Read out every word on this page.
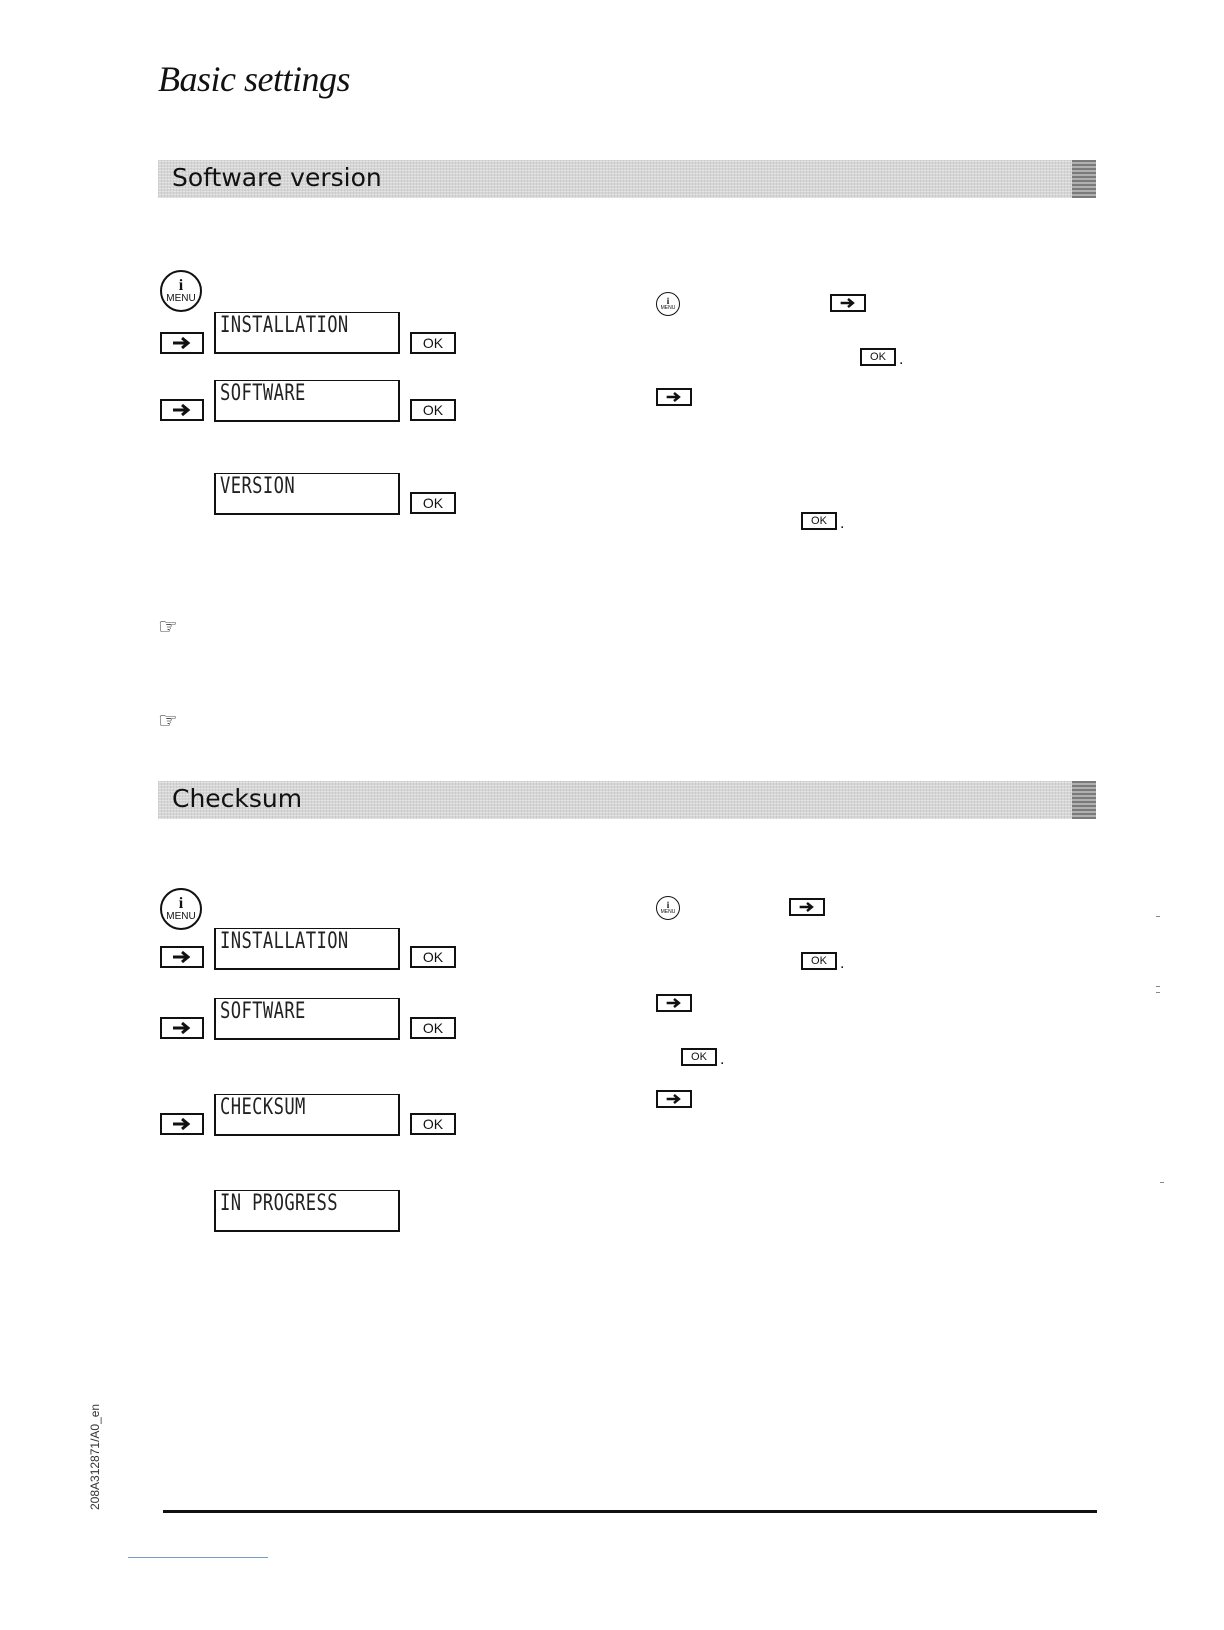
Basic settings
Software version
i
MENU
INSTALLATION
OK
SOFTWARE
OK
VERSION
OK
☞
☞
i
MENU
OK .
OK .
Checksum
i
MENU
INSTALLATION
OK
SOFTWARE
OK
CHECKSUM
OK
IN PROGRESS
i
MENU
OK .
OK .
208A312871/A0_en
